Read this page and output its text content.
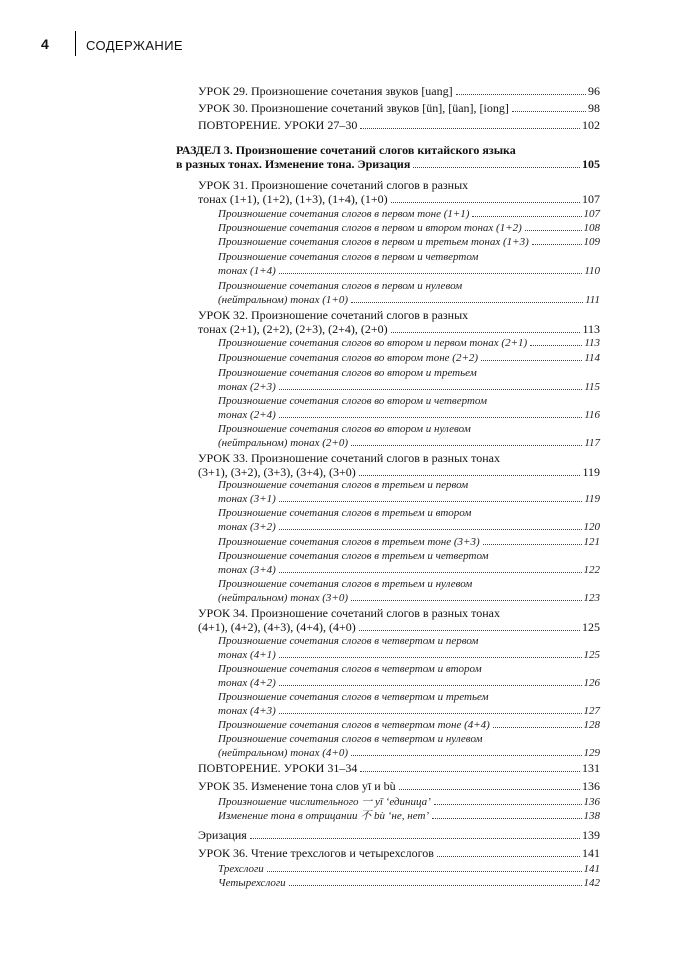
4	СОДЕРЖАНИЕ
УРОК 29. Произношение сочетания звуков [uang]	96
УРОК 30. Произношение сочетаний звуков [ün], [üan], [iong]	98
ПОВТОРЕНИЕ. УРОКИ 27–30	102
РАЗДЕЛ 3. Произношение сочетаний слогов китайского языка
в разных тонах. Изменение тона. Эризация	105
УРОК 31. Произношение сочетаний слогов в разных
тонах (1+1), (1+2), (1+3), (1+4), (1+0)	107
Произношение сочетания слогов в первом тоне (1+1)	107
Произношение сочетания слогов в первом и втором тонах (1+2)	108
Произношение сочетания слогов в первом и третьем тонах (1+3)	109
Произношение сочетания слогов в первом и четвертом
тонах (1+4)	110
Произношение сочетания слогов в первом и нулевом
(нейтральном) тонах (1+0)	111
УРОК 32. Произношение сочетаний слогов в разных
тонах (2+1), (2+2), (2+3), (2+4), (2+0)	113
Произношение сочетания слогов во втором и первом тонах (2+1)	113
Произношение сочетания слогов во втором тоне (2+2)	114
Произношение сочетания слогов во втором и третьем
тонах (2+3)	115
Произношение сочетания слогов во втором и четвертом
тонах (2+4)	116
Произношение сочетания слогов во втором и нулевом
(нейтральном) тонах (2+0)	117
УРОК 33. Произношение сочетаний слогов в разных тонах
(3+1), (3+2), (3+3), (3+4), (3+0)	119
Произношение сочетания слогов в третьем и первом
тонах (3+1)	119
Произношение сочетания слогов в третьем и втором
тонах (3+2)	120
Произношение сочетания слогов в третьем тоне (3+3)	121
Произношение сочетания слогов в третьем и четвертом
тонах (3+4)	122
Произношение сочетания слогов в третьем и нулевом
(нейтральном) тонах (3+0)	123
УРОК 34. Произношение сочетаний слогов в разных тонах
(4+1), (4+2), (4+3), (4+4), (4+0)	125
Произношение сочетания слогов в четвертом и первом
тонах (4+1)	125
Произношение сочетания слогов в четвертом и втором
тонах (4+2)	126
Произношение сочетания слогов в четвертом и третьем
тонах (4+3)	127
Произношение сочетания слогов в четвертом тоне (4+4)	128
Произношение сочетания слогов в четвертом и нулевом
(нейтральном) тонах (4+0)	129
ПОВТОРЕНИЕ. УРОКИ 31–34	131
УРОК 35. Изменение тона слов yī и bù	136
Произношение числительного 一 yī ‘единица’	136
Изменение тона в отрицании 不 bù ‘не, нет’	138
Эризация	139
УРОК 36. Чтение трехслогов и четырехслогов	141
Трехслоги	141
Четырехслоги	142
